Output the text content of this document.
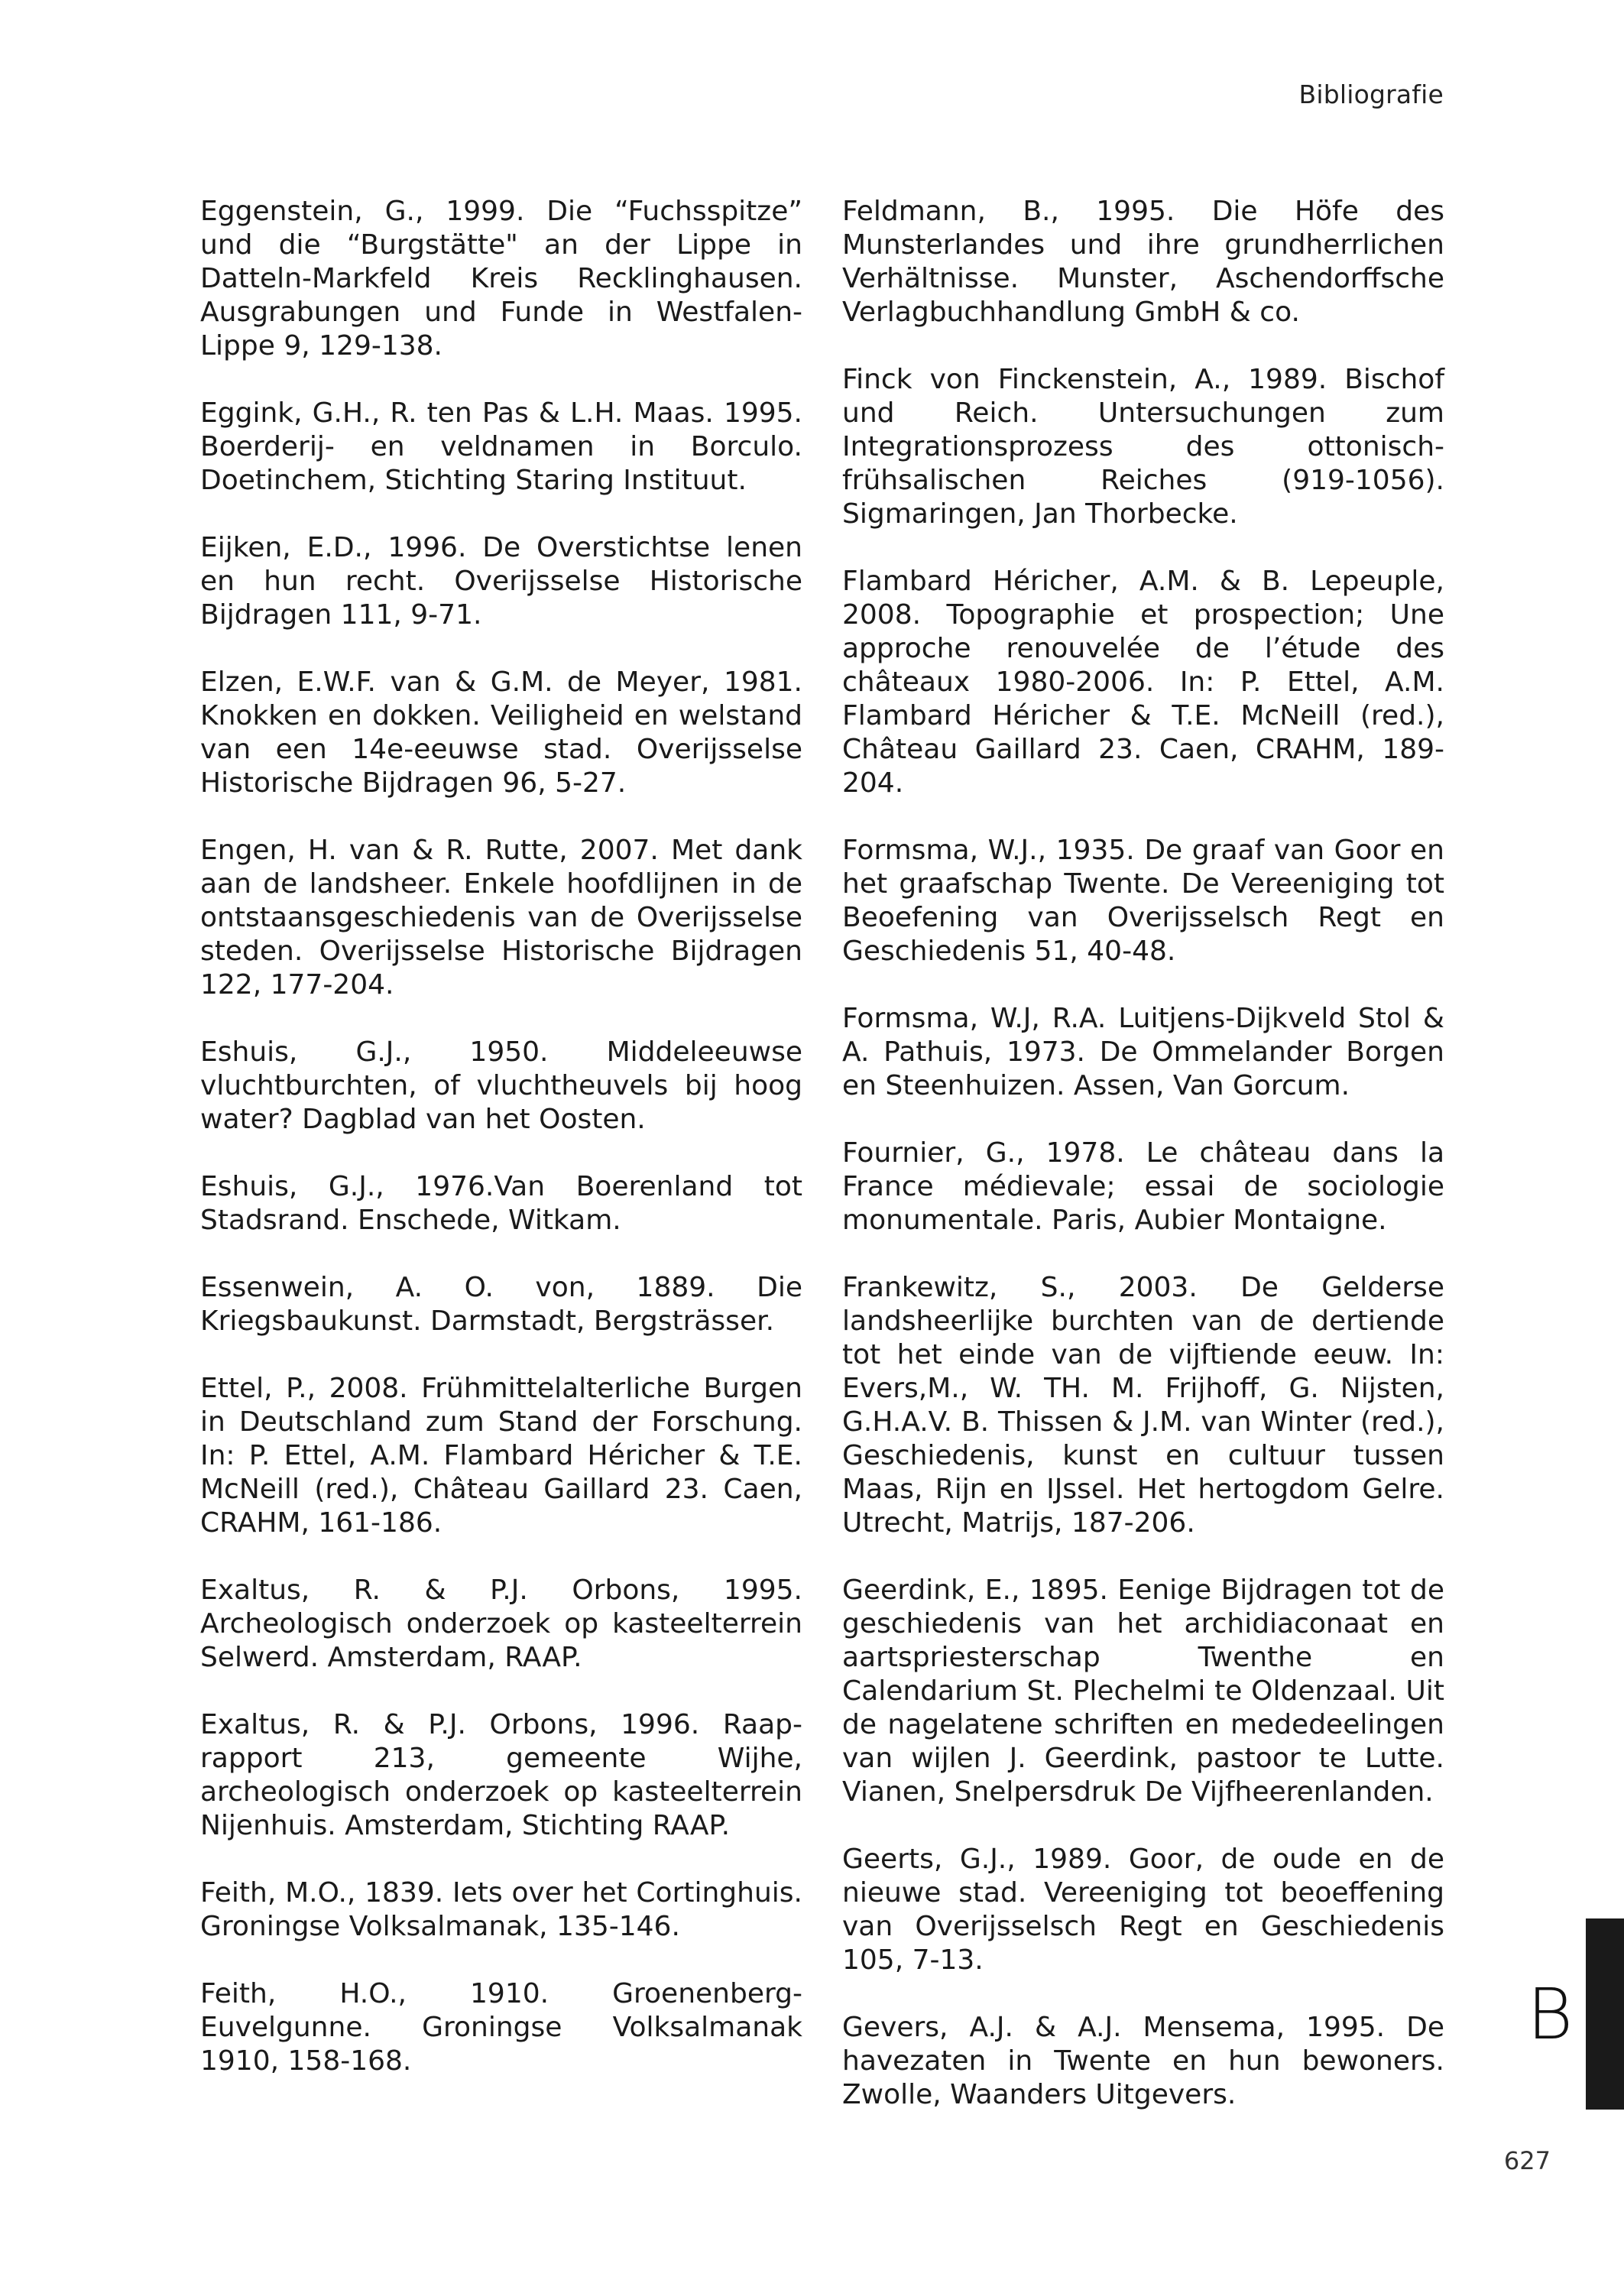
Bibliografie

Eggenstein, G., 1999. Die “Fuchsspitze” und die “Burgstätte" an der Lippe in Datteln-Markfeld Kreis Recklinghausen. Ausgrabungen und Funde in Westfalen-Lippe 9, 129-138.

Eggink, G.H., R. ten Pas & L.H. Maas. 1995. Boerderij- en veldnamen in Borculo. Doetinchem, Stichting Staring Instituut.

Eijken, E.D., 1996. De Overstichtse lenen en hun recht. Overijsselse Historische Bijdragen 111, 9-71.

Elzen, E.W.F. van & G.M. de Meyer, 1981. Knokken en dokken. Veiligheid en welstand van een 14e-eeuwse stad. Overijsselse Historische Bijdragen 96, 5-27.

Engen, H. van & R. Rutte, 2007. Met dank aan de landsheer. Enkele hoofdlijnen in de ontstaansgeschiedenis van de Overijsselse steden. Overijsselse Historische Bijdragen 122, 177-204.

Eshuis, G.J., 1950. Middeleeuwse vluchtburchten, of vluchtheuvels bij hoog water? Dagblad van het Oosten.

Eshuis, G.J., 1976.Van Boerenland tot Stadsrand. Enschede, Witkam.

Essenwein, A. O. von, 1889. Die Kriegsbaukunst. Darmstadt, Bergsträsser.

Ettel, P., 2008. Frühmittelalterliche Burgen in Deutschland zum Stand der Forschung. In: P. Ettel, A.M. Flambard Héricher & T.E. McNeill (red.), Château Gaillard 23. Caen, CRAHM, 161-186.

Exaltus, R. & P.J. Orbons, 1995. Archeologisch onderzoek op kasteelterrein Selwerd. Amsterdam, RAAP.

Exaltus, R. & P.J. Orbons, 1996. Raap-rapport 213, gemeente Wijhe, archeologisch onderzoek op kasteelterrein Nijenhuis. Amsterdam, Stichting RAAP.

Feith, M.O., 1839. Iets over het Cortinghuis. Groningse Volksalmanak, 135-146.

Feith, H.O., 1910. Groenenberg-Euvelgunne. Groningse Volksalmanak 1910, 158-168.

Feldmann, B., 1995. Die Höfe des Munsterlandes und ihre grundherrlichen Verhältnisse. Munster, Aschendorffsche Verlagbuchhandlung GmbH & co.

Finck von Finckenstein, A., 1989. Bischof und Reich. Untersuchungen zum Integrationsprozess des ottonisch-frühsalischen Reiches (919-1056). Sigmaringen, Jan Thorbecke.

Flambard Héricher, A.M. & B. Lepeuple, 2008. Topographie et prospection; Une approche renouvelée de l’étude des châteaux 1980-2006. In: P. Ettel, A.M. Flambard Héricher & T.E. McNeill (red.), Château Gaillard 23. Caen, CRAHM, 189-204.

Formsma, W.J., 1935. De graaf van Goor en het graafschap Twente. De Vereeniging tot Beoefening van Overijsselsch Regt en Geschiedenis 51, 40-48.

Formsma, W.J, R.A. Luitjens-Dijkveld Stol & A. Pathuis, 1973. De Ommelander Borgen en Steenhuizen. Assen, Van Gorcum.

Fournier, G., 1978. Le château dans la France médievale; essai de sociologie monumentale. Paris, Aubier Montaigne.

Frankewitz, S., 2003. De Gelderse landsheerlijke burchten van de dertiende tot het einde van de vijftiende eeuw. In: Evers,M., W. TH. M. Frijhoff, G. Nijsten, G.H.A.V. B. Thissen & J.M. van Winter (red.), Geschiedenis, kunst en cultuur tussen Maas, Rijn en IJssel. Het hertogdom Gelre. Utrecht, Matrijs, 187-206.

Geerdink, E., 1895. Eenige Bijdragen tot de geschiedenis van het archidiaconaat en aartspriesterschap Twenthe en Calendarium St. Plechelmi te Oldenzaal. Uit de nagelatene schriften en mededeelingen van wijlen J. Geerdink, pastoor te Lutte. Vianen, Snelpersdruk De Vijfheerenlanden.

Geerts, G.J., 1989. Goor, de oude en de nieuwe stad. Vereeniging tot beoeffening van Overijsselsch Regt en Geschiedenis 105, 7-13.

Gevers, A.J. & A.J. Mensema, 1995. De havezaten in Twente en hun bewoners. Zwolle, Waanders Uitgevers.

B
627
